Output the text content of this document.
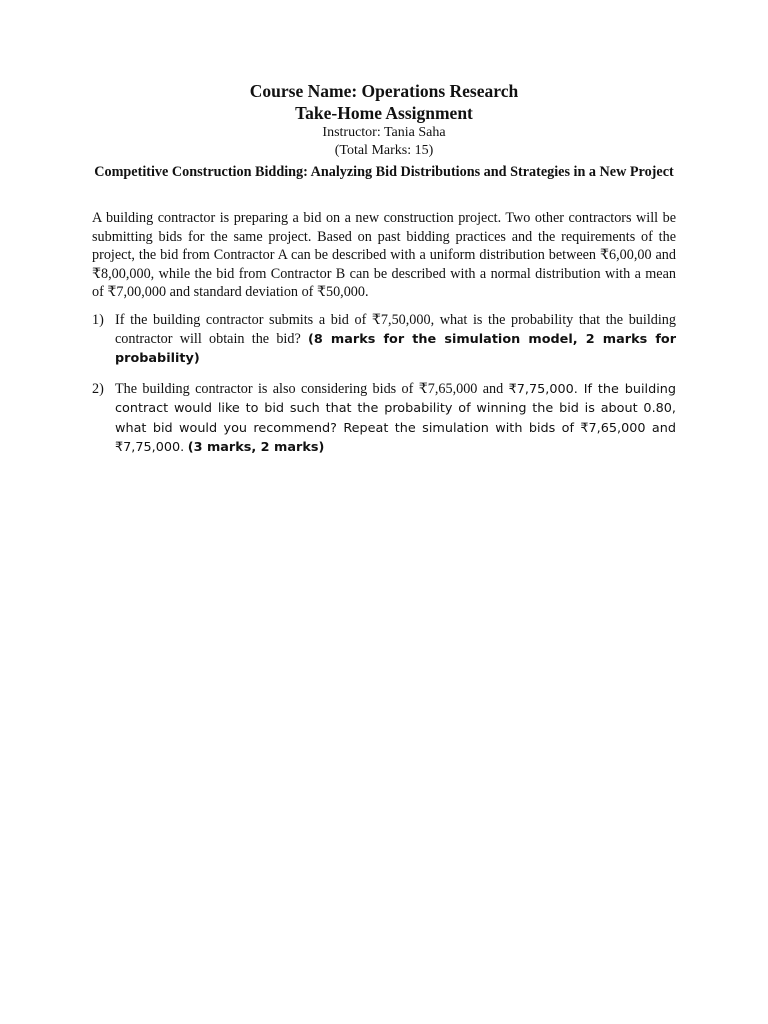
Course Name: Operations Research

Take-Home Assignment

Instructor: Tania Saha

(Total Marks: 15)

Competitive Construction Bidding: Analyzing Bid Distributions and Strategies in a New Project

A building contractor is preparing a bid on a new construction project. Two other contractors will be submitting bids for the same project. Based on past bidding practices and the requirements of the project, the bid from Contractor A can be described with a uniform distribution between ₹6,00,00 and ₹8,00,000, while the bid from Contractor B can be described with a normal distribution with a mean of ₹7,00,000 and standard deviation of ₹50,000.

1) If the building contractor submits a bid of ₹7,50,000, what is the probability that the building contractor will obtain the bid? (8 marks for the simulation model, 2 marks for probability)
2) The building contractor is also considering bids of ₹7,65,000 and ₹7,75,000. If the building contract would like to bid such that the probability of winning the bid is about 0.80, what bid would you recommend? Repeat the simulation with bids of ₹7,65,000 and ₹7,75,000. (3 marks, 2 marks)
